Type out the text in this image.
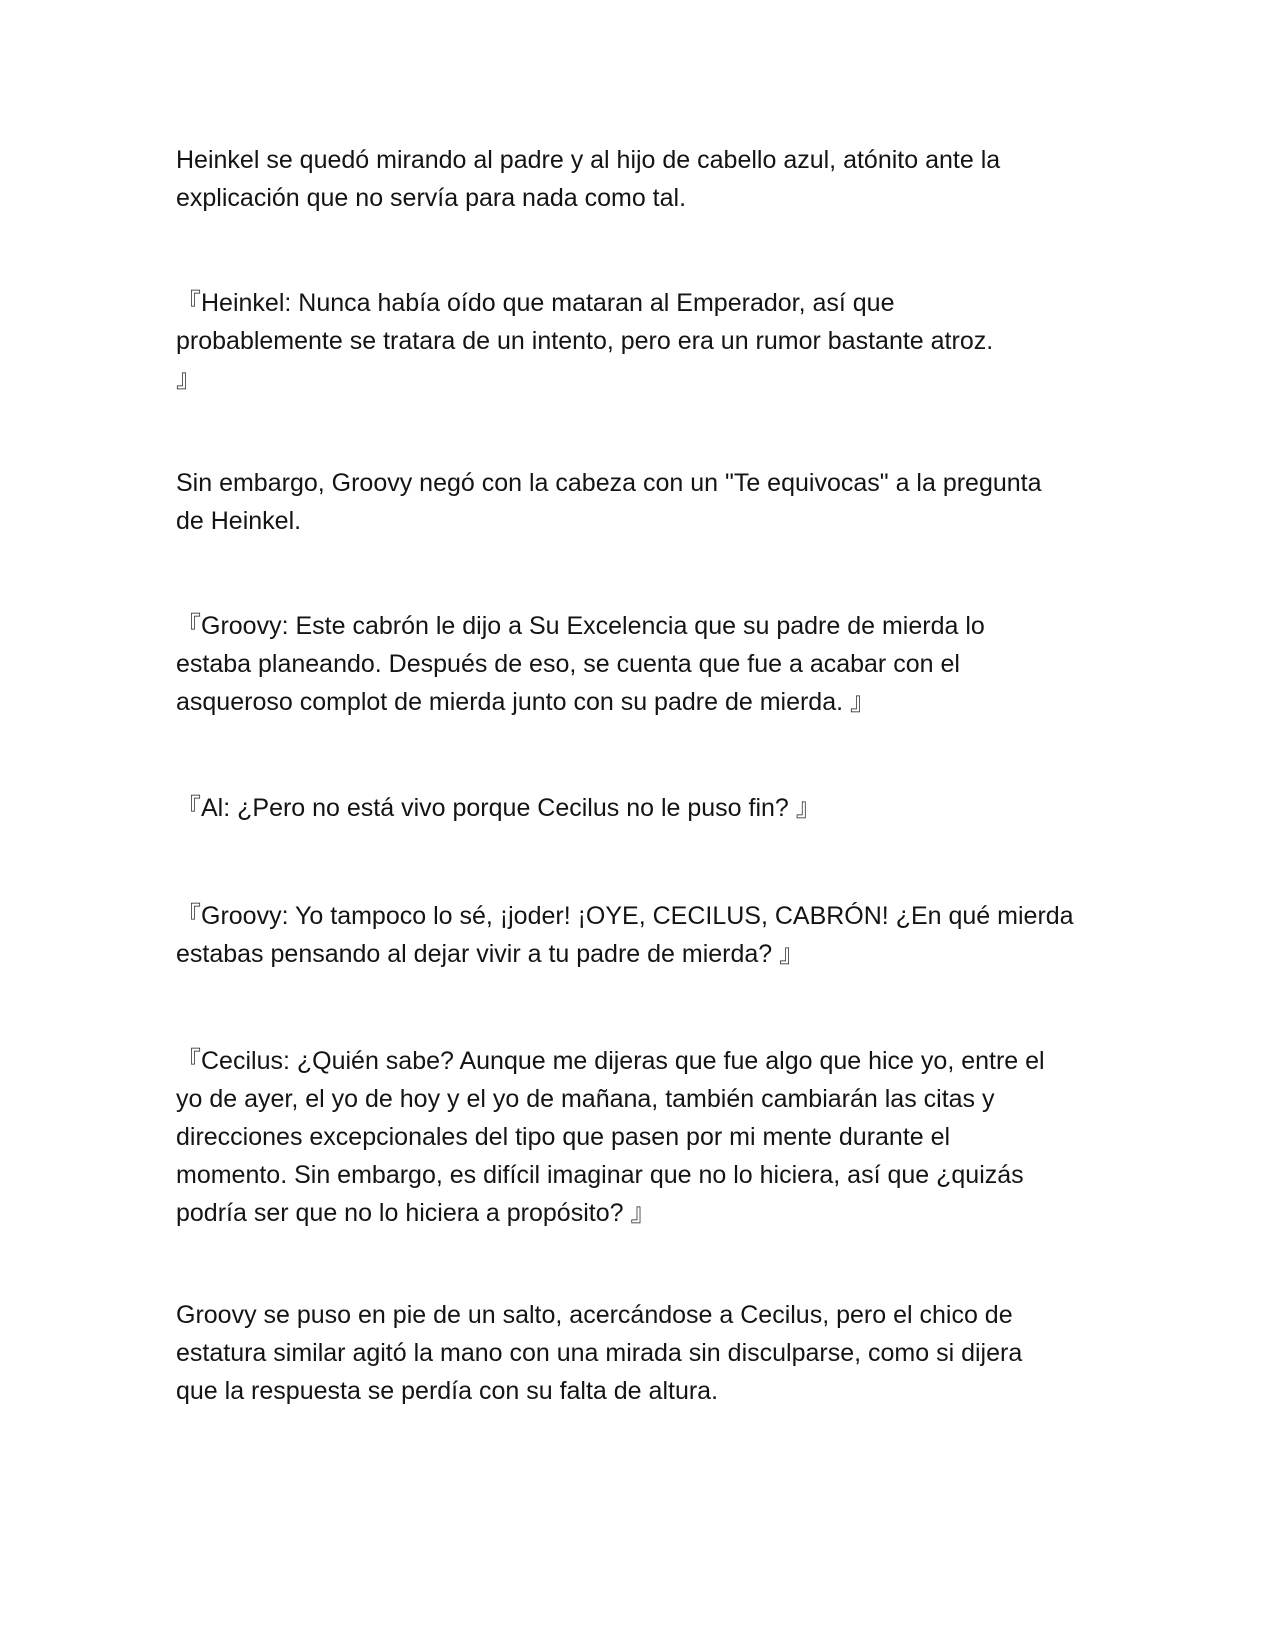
Heinkel se quedó mirando al padre y al hijo de cabello azul, atónito ante la
explicación que no servía para nada como tal.

『Heinkel: Nunca había oído que mataran al Emperador, así que
probablemente se tratara de un intento, pero era un rumor bastante atroz.
』

Sin embargo, Groovy negó con la cabeza con un "Te equivocas" a la pregunta
de Heinkel.

『Groovy: Este cabrón le dijo a Su Excelencia que su padre de mierda lo
estaba planeando. Después de eso, se cuenta que fue a acabar con el
asqueroso complot de mierda junto con su padre de mierda. 』

『Al: ¿Pero no está vivo porque Cecilus no le puso fin? 』

『Groovy: Yo tampoco lo sé, ¡joder! ¡OYE, CECILUS, CABRÓN! ¿En qué mierda
estabas pensando al dejar vivir a tu padre de mierda? 』

『Cecilus: ¿Quién sabe? Aunque me dijeras que fue algo que hice yo, entre el
yo de ayer, el yo de hoy y el yo de mañana, también cambiarán las citas y
direcciones excepcionales del tipo que pasen por mi mente durante el
momento. Sin embargo, es difícil imaginar que no lo hiciera, así que ¿quizás
podría ser que no lo hiciera a propósito? 』

Groovy se puso en pie de un salto, acercándose a Cecilus, pero el chico de
estatura similar agitó la mano con una mirada sin disculparse, como si dijera
que la respuesta se perdía con su falta de altura.
